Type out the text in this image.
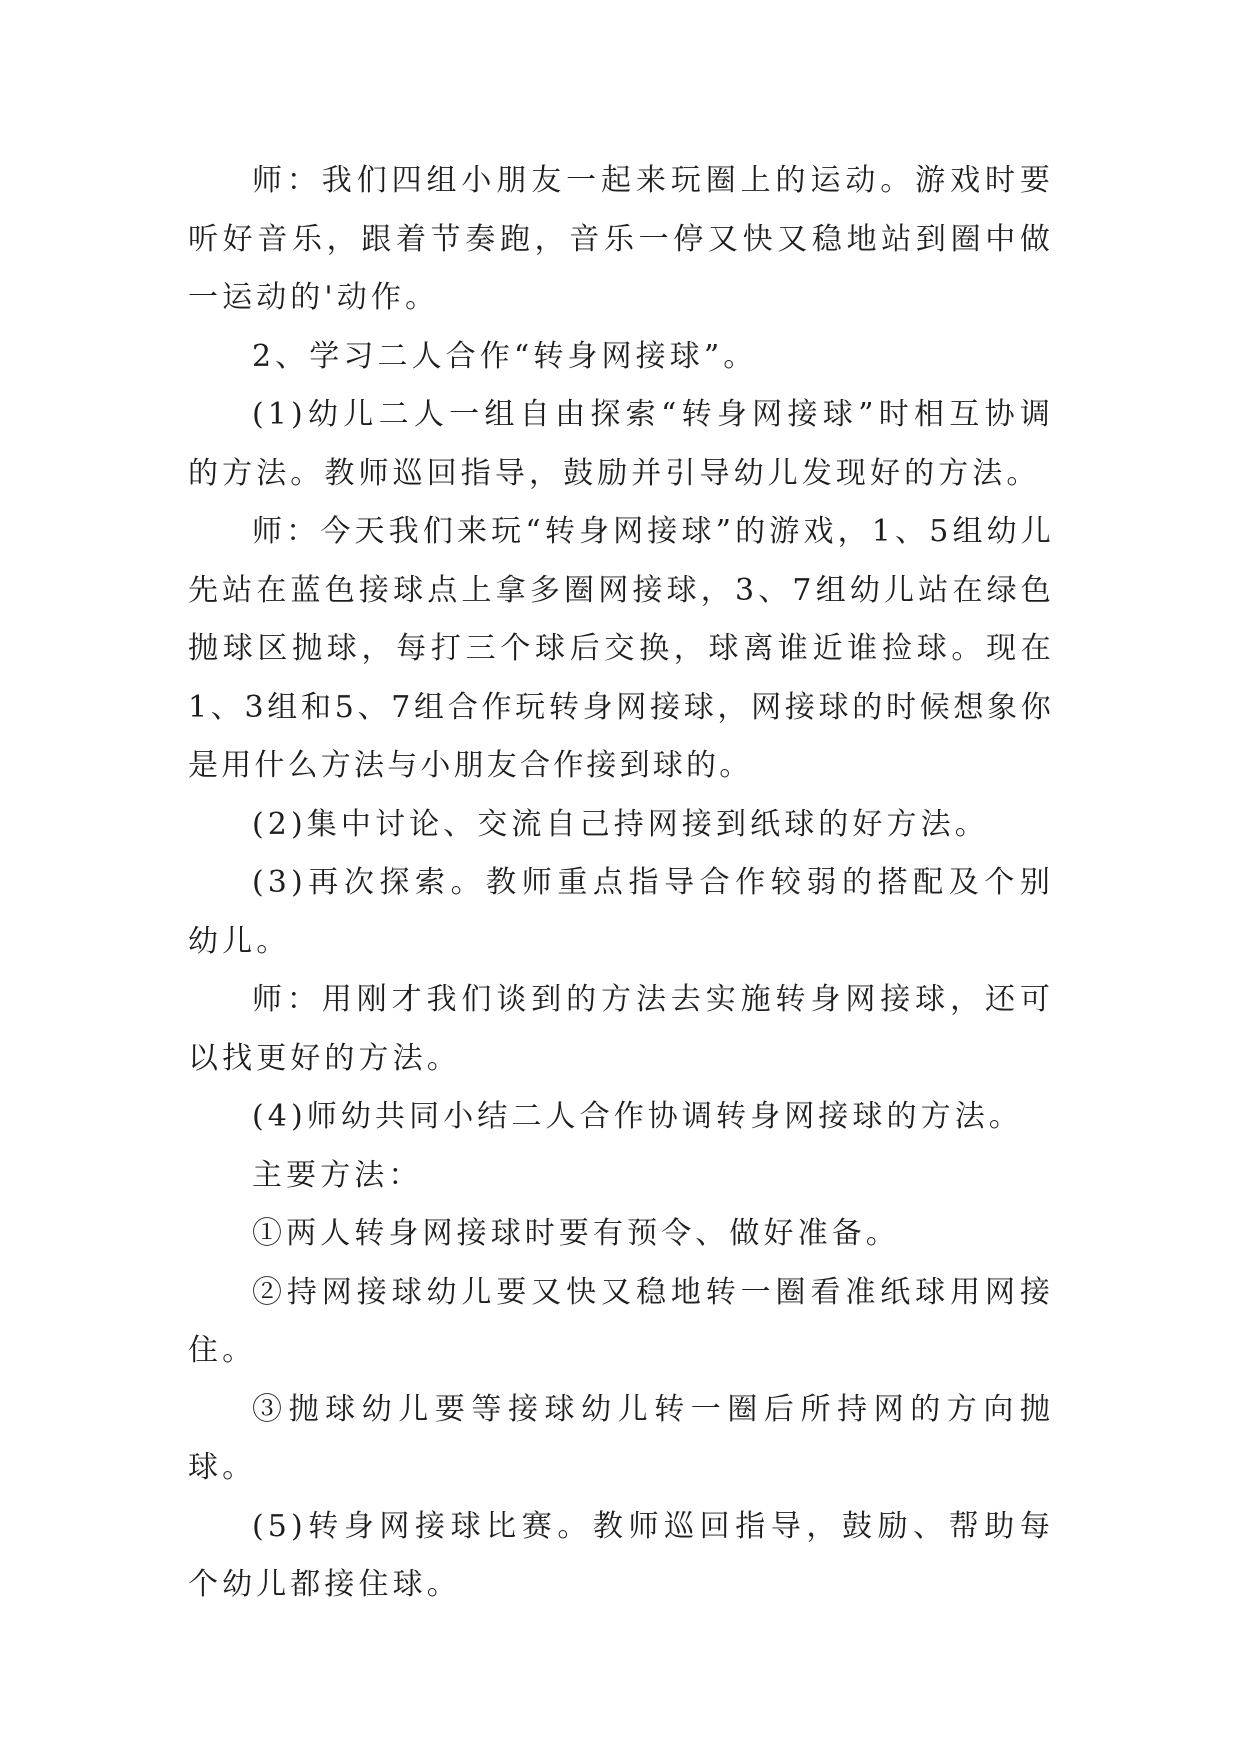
师：我们四组小朋友一起来玩圈上的运动。游戏时要听好音乐，跟着节奏跑，音乐一停又快又稳地站到圈中做一运动的'动作。

2、学习二人合作“转身网接球”。

(1)幼儿二人一组自由探索“转身网接球”时相互协调的方法。教师巡回指导，鼓励并引导幼儿发现好的方法。

师：今天我们来玩“转身网接球”的游戏，1、5组幼儿先站在蓝色接球点上拿多圈网接球，3、7组幼儿站在绿色抛球区抛球，每打三个球后交换，球离谁近谁捡球。现在1、3组和5、7组合作玩转身网接球，网接球的时候想象你是用什么方法与小朋友合作接到球的。

(2)集中讨论、交流自己持网接到纸球的好方法。

(3)再次探索。教师重点指导合作较弱的搭配及个别幼儿。

师：用刚才我们谈到的方法去实施转身网接球，还可以找更好的方法。

(4)师幼共同小结二人合作协调转身网接球的方法。

主要方法：

①两人转身网接球时要有预令、做好准备。

②持网接球幼儿要又快又稳地转一圈看准纸球用网接住。

③抛球幼儿要等接球幼儿转一圈后所持网的方向抛球。

(5)转身网接球比赛。教师巡回指导，鼓励、帮助每个幼儿都接住球。
